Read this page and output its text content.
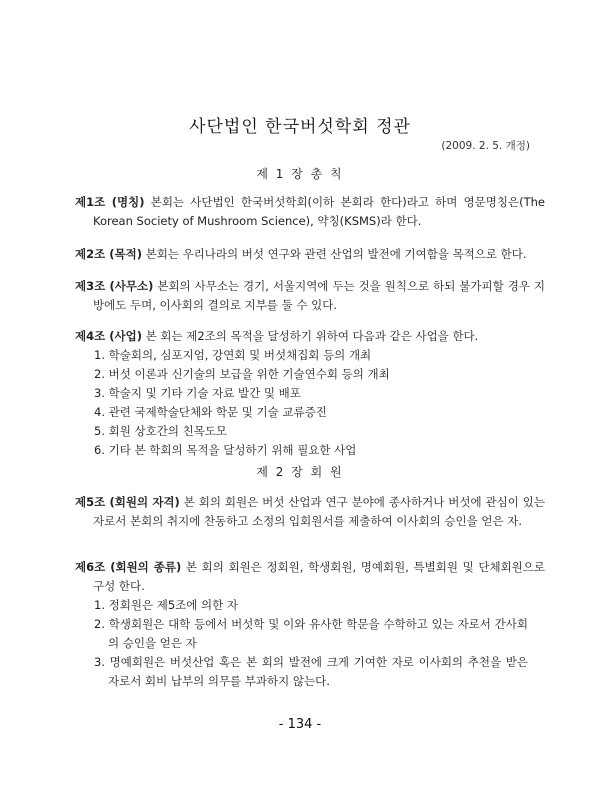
사단법인 한국버섯학회 정관
(2009. 2. 5. 개정)
제 1 장 총 칙
제1조 (명칭) 본회는 사단법인 한국버섯학회(이하 본회라 한다)라고 하며 영문명칭은(The Korean Society of Mushroom Science), 약칭(KSMS)라 한다.
제2조 (목적) 본회는 우리나라의 버섯 연구와 관련 산업의 발전에 기여함을 목적으로 한다.
제3조 (사무소) 본회의 사무소는 경기, 서울지역에 두는 것을 원칙으로 하되 불가피할 경우 지방에도 두며, 이사회의 결의로 지부를 둘 수 있다.
제4조 (사업) 본 회는 제2조의 목적을 달성하기 위하여 다음과 같은 사업을 한다.
1. 학술회의, 심포지엄, 강연회 및 버섯채집회 등의 개최
2. 버섯 이론과 신기술의 보급을 위한 기술연수회 등의 개최
3. 학술지 및 기타 기술 자료 발간 및 배포
4. 관련 국제학술단체와 학문 및 기술 교류증진
5. 회원 상호간의 친목도모
6. 기타 본 학회의 목적을 달성하기 위해 필요한 사업
제 2 장 회 원
제5조 (회원의 자격) 본 회의 회원은 버섯 산업과 연구 분야에 종사하거나 버섯에 관심이 있는 자로서 본회의 취지에 찬동하고 소정의 입회원서를 제출하여 이사회의 승인을 얻은 자.
제6조 (회원의 종류) 본 회의 회원은 정회원, 학생회원, 명예회원, 특별회원 및 단체회원으로 구성 한다.
1. 정회원은 제5조에 의한 자
2. 학생회원은 대학 등에서 버섯학 및 이와 유사한 학문을 수학하고 있는 자로서 간사회의 승인을 얻은 자
3. 명예회원은 버섯산업 혹은 본 회의 발전에 크게 기여한 자로 이사회의 추천을 받은 자로서 회비 납부의 의무를 부과하지 않는다.
- 134 -
